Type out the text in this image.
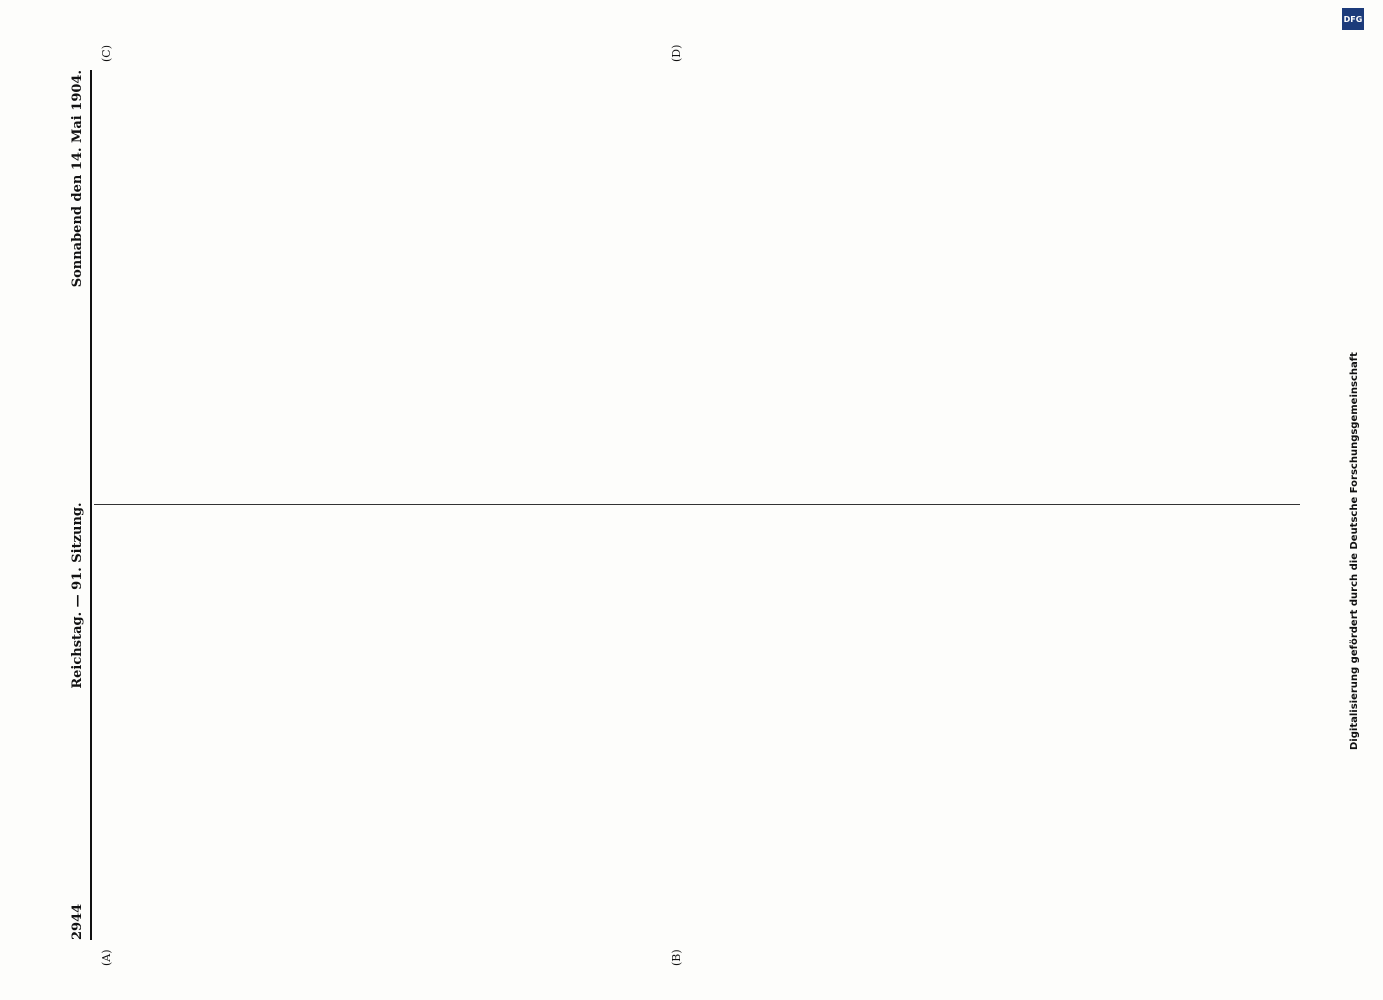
DFG
Digitalisierung gefördert durch die Deutsche Forschungsgemeinschaft
2944
Reichstag. — 91. Sitzung.
Sonnabend den 14. Mai 1904.
(A)	(B)
(C)	(D)
